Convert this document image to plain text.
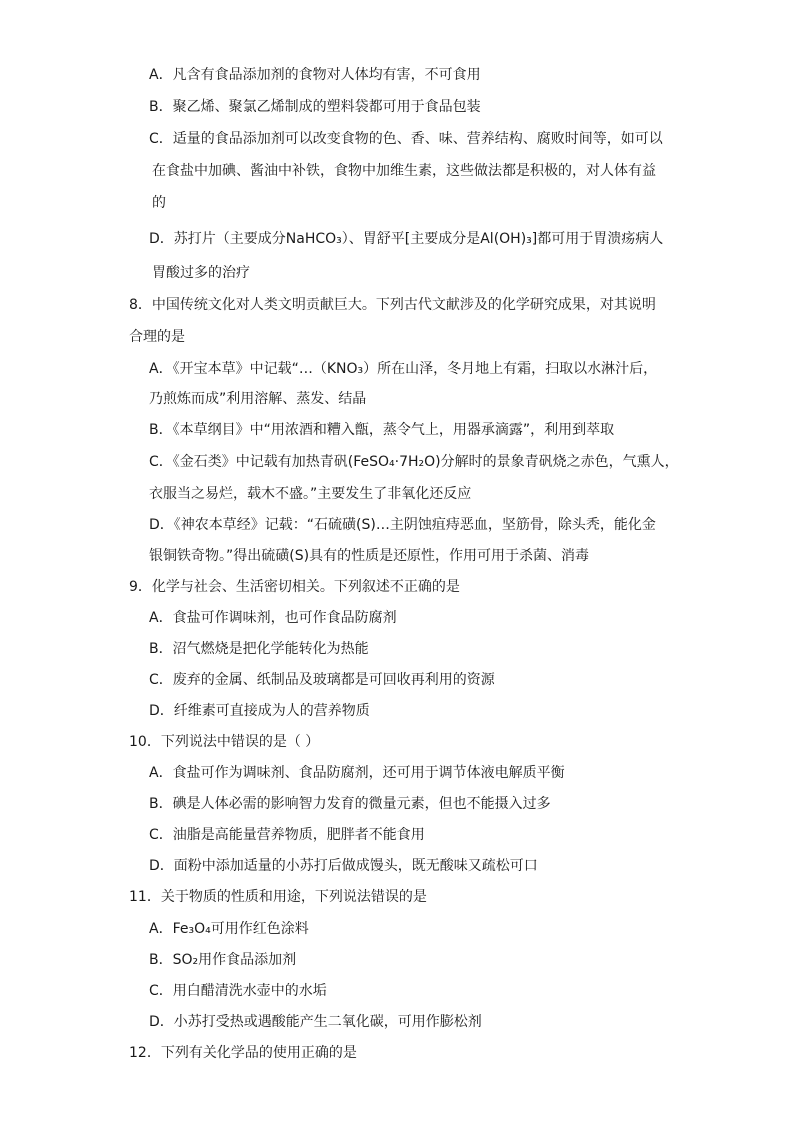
A．凡含有食品添加剂的食物对人体均有害，不可食用
B．聚乙烯、聚氯乙烯制成的塑料袋都可用于食品包装
C．适量的食品添加剂可以改变食物的色、香、味、营养结构、腐败时间等，如可以
在食盐中加碘、酱油中补铁，食物中加维生素，这些做法都是积极的，对人体有益
的
D．苏打片（主要成分NaHCO₃）、胃舒平[主要成分是Al(OH)₃]都可用于胃溃疡病人
胃酸过多的治疗
8．中国传统文化对人类文明贡献巨大。下列古代文献涉及的化学研究成果，对其说明
合理的是
A．《开宝本草》中记载“…（KNO₃）所在山泽，冬月地上有霜，扫取以水淋汁后，
乃煎炼而成”利用溶解、蒸发、结晶
B．《本草纲目》中“用浓酒和糟入甑，蒸令气上，用器承滴露”，利用到萃取
C．《金石类》中记载有加热青矾(FeSO₄·7H₂O)分解时的景象青矾烧之赤色，气熏人，
衣服当之易烂，载木不盛。”主要发生了非氧化还反应
D．《神农本草经》记载：“石硫磺(S)…主阴蚀疽痔恶血，坚筋骨，除头秃，能化金
银铜铁奇物。”得出硫磺(S)具有的性质是还原性，作用可用于杀菌、消毒
9．化学与社会、生活密切相关。下列叙述不正确的是
A．食盐可作调味剂，也可作食品防腐剂
B．沼气燃烧是把化学能转化为热能
C．废弃的金属、纸制品及玻璃都是可回收再利用的资源
D．纤维素可直接成为人的营养物质
10．下列说法中错误的是（ ）
A．食盐可作为调味剂、食品防腐剂，还可用于调节体液电解质平衡
B．碘是人体必需的影响智力发育的微量元素，但也不能摄入过多
C．油脂是高能量营养物质，肥胖者不能食用
D．面粉中添加适量的小苏打后做成馒头，既无酸味又疏松可口
11．关于物质的性质和用途，下列说法错误的是
A．Fe₃O₄可用作红色涂料
B．SO₂用作食品添加剂
C．用白醋清洗水壶中的水垢
D．小苏打受热或遇酸能产生二氧化碳，可用作膨松剂
12．下列有关化学品的使用正确的是
